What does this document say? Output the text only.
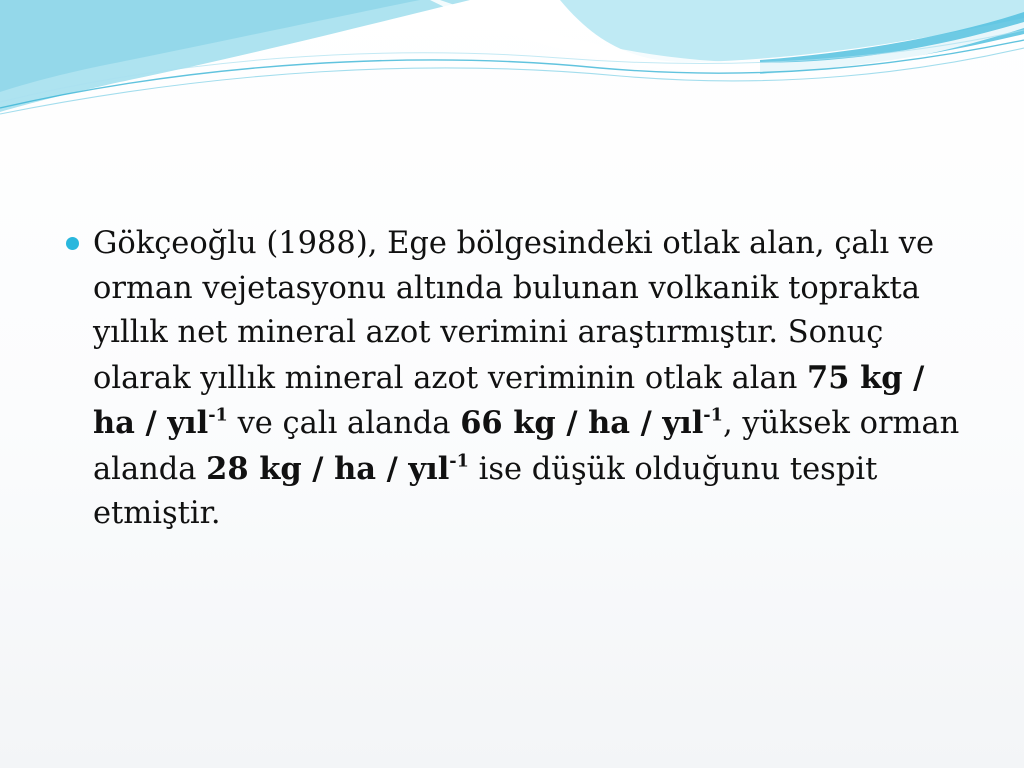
Gökçeoğlu (1988), Ege bölgesindeki otlak alan, çalı ve orman vejetasyonu altında bulunan volkanik toprakta yıllık net mineral azot verimini araştırmıştır. Sonuç olarak yıllık mineral azot veriminin otlak alan 75 kg / ha / yıl$^{-1}$ ve çalı alanda 66 kg / ha / yıl$^{-1}$, yüksek orman alanda 28 kg / ha / yıl$^{-1}$ ise düşük olduğunu tespit etmiştir.
